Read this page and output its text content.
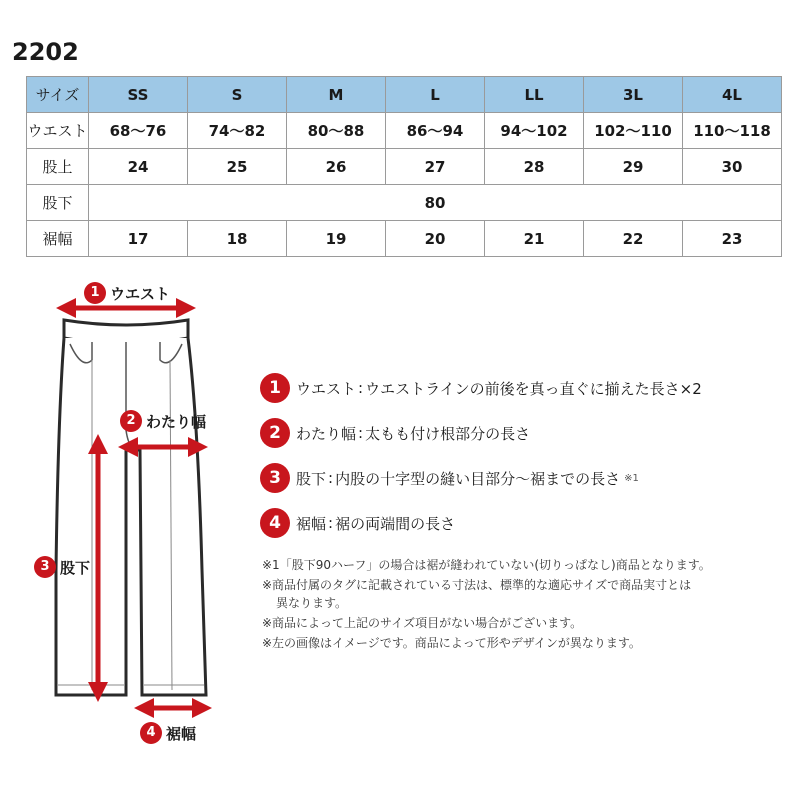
2202
サイズ	SS	S	M	L	LL	3L	4L
ウエスト	68〜76	74〜82	80〜88	86〜94	94〜102	102〜110	110〜118
股上	24	25	26	27	28	29	30
股下	80						
裾幅	17	18	19	20	21	22	23
1 ウエスト
2 わたり幅
3 股下
4 裾幅
1	ウエスト : ウエストラインの前後を真っ直ぐに揃えた長さ×2
2	わたり幅 : 太もも付け根部分の長さ
3	股下 : 内股の十字型の縫い目部分〜裾までの長さ ※1
4	裾幅 : 裾の両端間の長さ

※1「股下90ハーフ」の場合は裾が縫われていない(切りっぱなし)商品となります。

※商品付属のタグに記載されている寸法は、標準的な適応サイズで商品実寸とは
異なります。

※商品によって上記のサイズ項目がない場合がございます。

※左の画像はイメージです。商品によって形やデザインが異なります。
